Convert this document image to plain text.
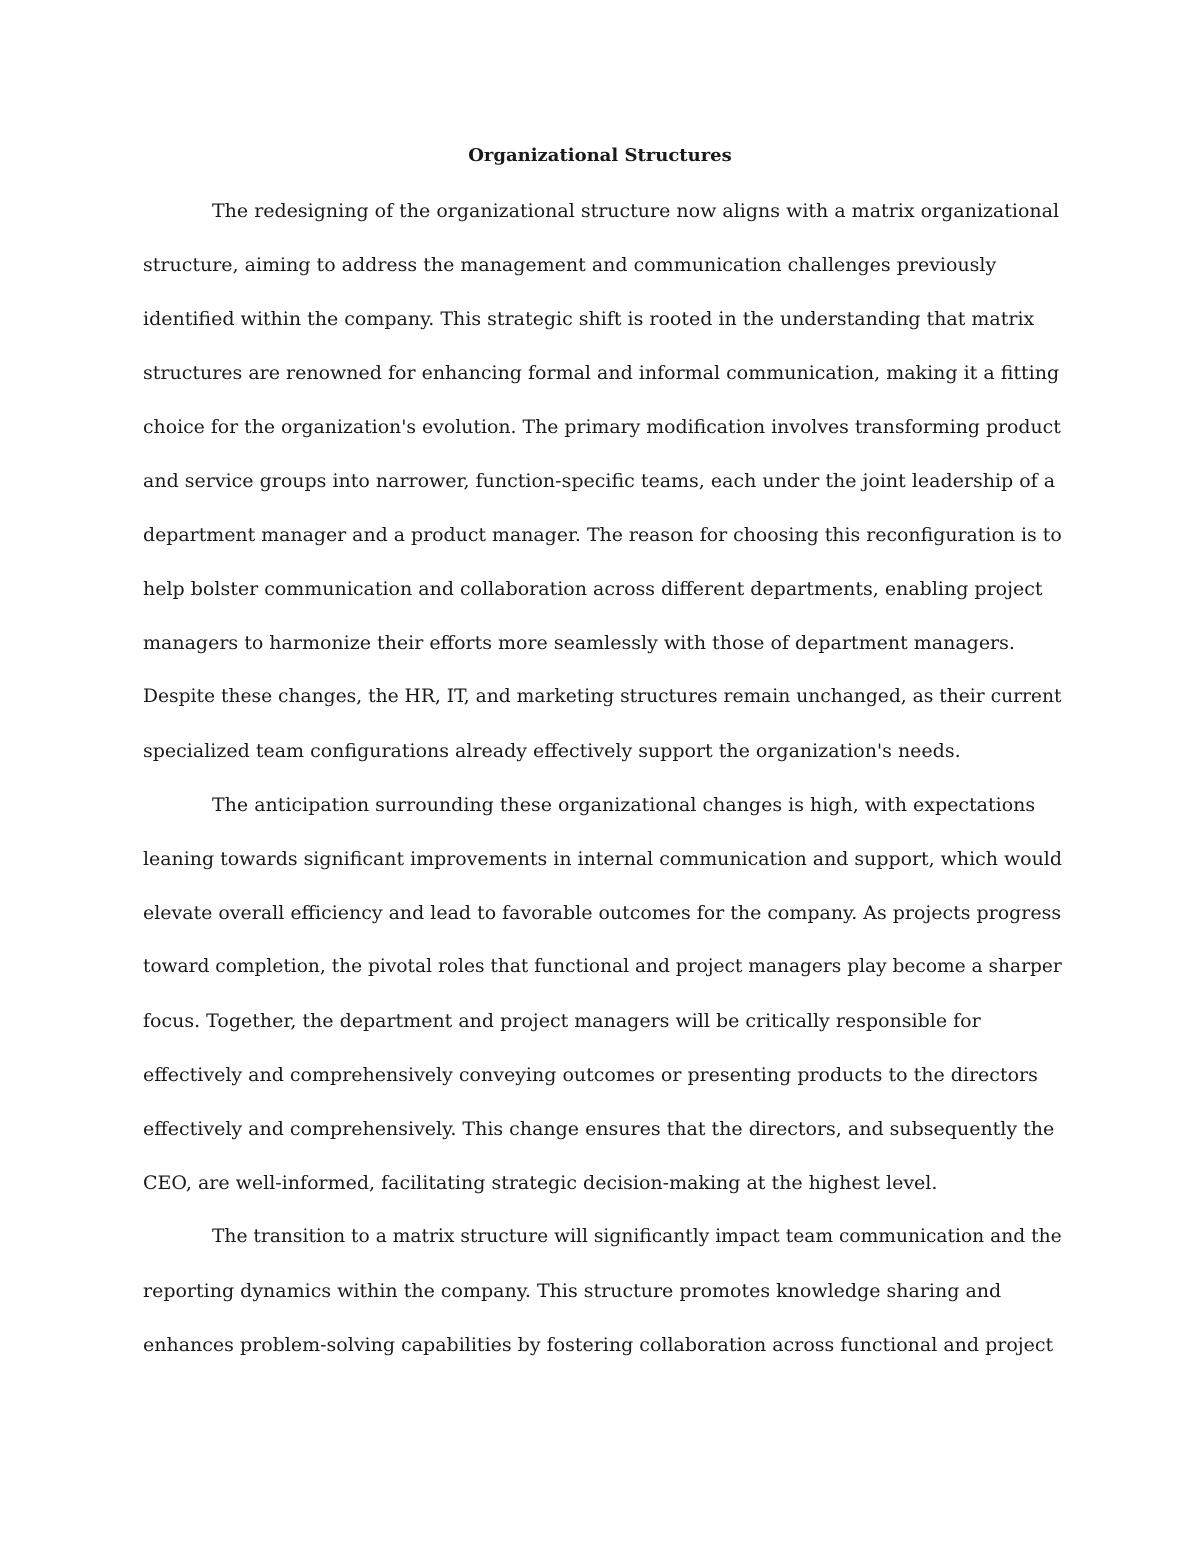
Organizational Structures

The redesigning of the organizational structure now aligns with a matrix organizational

structure, aiming to address the management and communication challenges previously

identified within the company. This strategic shift is rooted in the understanding that matrix

structures are renowned for enhancing formal and informal communication, making it a fitting

choice for the organization's evolution. The primary modification involves transforming product

and service groups into narrower, function-specific teams, each under the joint leadership of a

department manager and a product manager. The reason for choosing this reconfiguration is to

help bolster communication and collaboration across different departments, enabling project

managers to harmonize their efforts more seamlessly with those of department managers.

Despite these changes, the HR, IT, and marketing structures remain unchanged, as their current

specialized team configurations already effectively support the organization's needs.

The anticipation surrounding these organizational changes is high, with expectations

leaning towards significant improvements in internal communication and support, which would

elevate overall efficiency and lead to favorable outcomes for the company. As projects progress

toward completion, the pivotal roles that functional and project managers play become a sharper

focus. Together, the department and project managers will be critically responsible for

effectively and comprehensively conveying outcomes or presenting products to the directors

effectively and comprehensively. This change ensures that the directors, and subsequently the

CEO, are well-informed, facilitating strategic decision-making at the highest level.

The transition to a matrix structure will significantly impact team communication and the

reporting dynamics within the company. This structure promotes knowledge sharing and

enhances problem-solving capabilities by fostering collaboration across functional and project
